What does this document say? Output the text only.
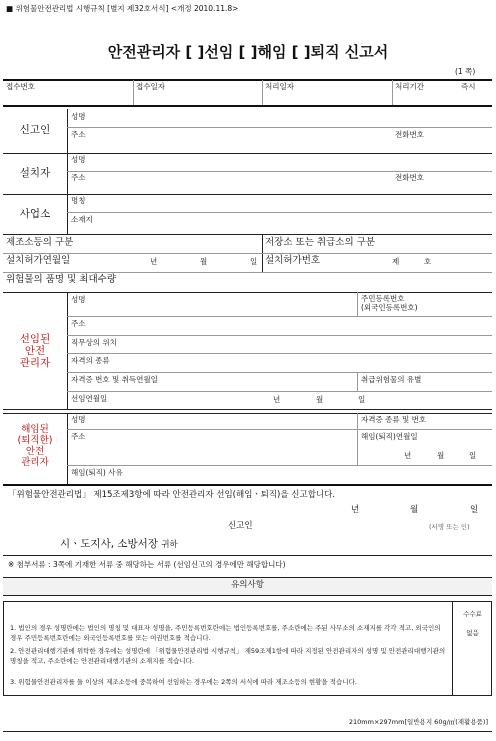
■ 위험물안전관리법 시행규칙 [별지 제32호서식] <개정 2010.11.8>
안전관리자 [ ]선임 [ ]해임 [ ]퇴직 신고서
(1 쪽)
접수번호	접수일자	처리일자	처리기간	즉시
신고인
성명
주소	전화번호
설치자
성명
주소	전화번호
사업소
명칭
소재지
제조소등의 구분	저장소 또는 취급소의 구분
설치허가연월일	년	월	일 설치허가번호	제	호
위험물의 품명 및 최대수량
선임된
안전
관리자
성명	주민등록번호
(외국인등록번호)
주소
직무상의 위치
자격의 종류
자격증 번호 및 취득연월일	취급위험물의 유별
선임연월일	년	월	일
해임된
(퇴직한)
안전
관리자
성명	자격증 종류 및 번호
주소	해임(퇴직)연월일
년	월	일
해임(퇴직) 사유
「위험물안전관리법」 제15조제3항에 따라 안전관리자 선임(해임ㆍ퇴직)을 신고합니다.
년	월	일
신고인	(서명 또는 인)
시ㆍ도지사, 소방서장 귀하
※ 첨부서류 : 3쪽에 기재한 서류 중 해당하는 서류 (선임신고의 경우에만 해당합니다)
유의사항
수수료
없음
1. 법인의 경우 성명란에는 법인의 명칭 및 대표자 성명을, 주민등록번호란에는 법인등록번호를, 주소란에는 주된 사무소의 소재지를 각각 적고, 외국인의 경우 주민등록번호란에는 외국인등록번호를 또는 여권번호를 적습니다.
2. 안전관리대행기관에 위탁한 경우에는 성명란에 「위험물안전관리법 시행규칙」 제59조제1항에 따라 지정된 안전관리자의 성명 및 안전관리대행기관의 명칭을 적고, 주소란에는 안전관리대행기관의 소재지를 적습니다.
3. 위험물안전관리자를 둘 이상의 제조소등에 중복하여 선임하는 경우에는 2쪽의 서식에 따라 제조소등의 현황을 적습니다.
210mm×297mm[일반용지 60g/㎡(재활용품)]
